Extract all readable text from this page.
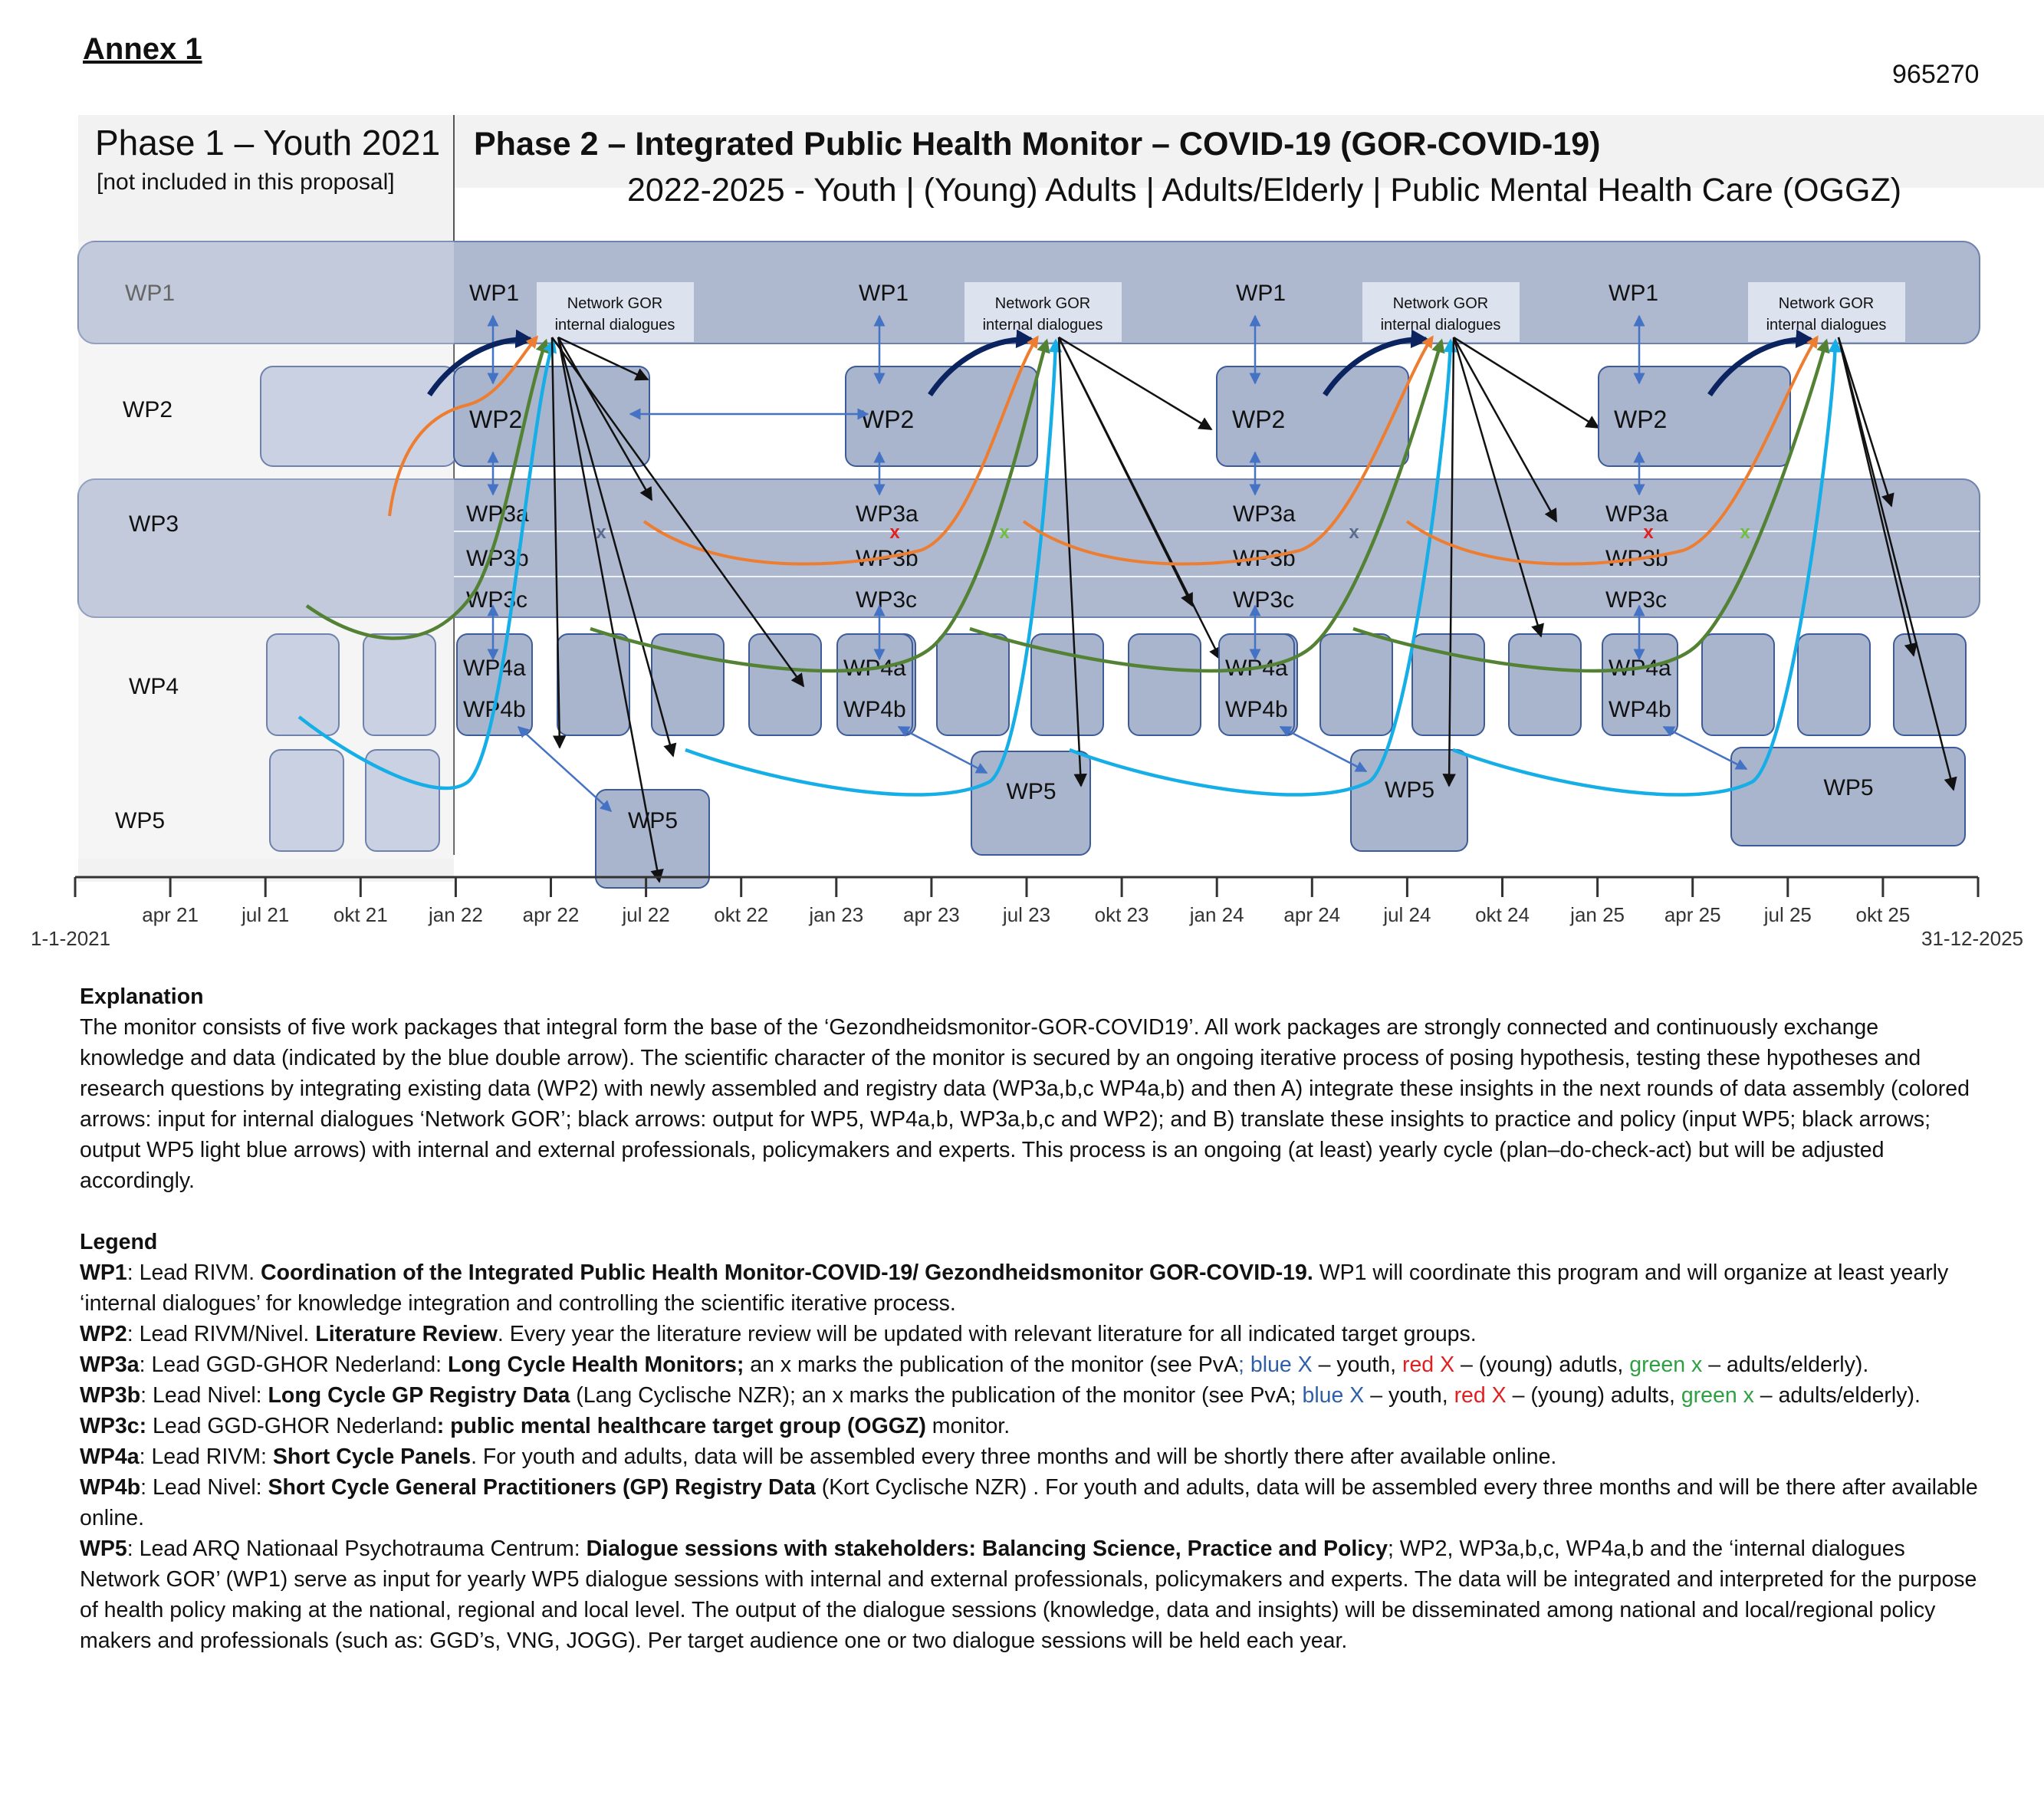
Annex 1
965270
Phase 1 – Youth 2021
[not included in this proposal]
Phase 2 – Integrated Public Health Monitor – COVID-19 (GOR-COVID-19)
2022-2025 - Youth | (Young) Adults | Adults/Elderly | Public Mental Health Care (OGGZ)
WP1
WP2
WP3
WP4
WP5
WP2
WP1	Network GOR
internal dialogues
WP3a
WP3b
WP3c
WP4a
WP4b
WP5
WP2
WP1	Network GOR
internal dialogues
WP3a
WP3b
WP3c
WP4a
WP4b
WP5
WP2
WP1	Network GOR
internal dialogues
WP3a
WP3b
WP3c
WP4a
WP4b
WP5
WP2
WP1	Network GOR
internal dialogues
WP3a
WP3b
WP3c
WP4a
WP4b
WP5
x	x	x	x	x	x
apr 21 jul 21 okt 21 jan 22 apr 22 jul 22 okt 22 jan 23 apr 23 jul 23 okt 23 jan 24 apr 24 jul 24 okt 24 jan 25 apr 25 jul 25 okt 25
1-1-2021	31-12-2025

Explanation

The monitor consists of five work packages that integral form the base of the ‘Gezondheidsmonitor-GOR-COVID19’. All work packages are strongly connected and continuously exchange knowledge and data (indicated by the blue double arrow). The scientific character of the monitor is secured by an ongoing iterative process of posing hypothesis, testing these hypotheses and research questions by integrating existing data (WP2) with newly assembled and registry data (WP3a,b,c WP4a,b) and then A) integrate these insights in the next rounds of data assembly (colored arrows: input for internal dialogues ‘Network GOR’; black arrows: output for WP5, WP4a,b, WP3a,b,c and WP2); and B) translate these insights to practice and policy (input WP5; black arrows; output WP5 light blue arrows) with internal and external professionals, policymakers and experts. This process is an ongoing (at least) yearly cycle (plan–do-check-act) but will be adjusted accordingly.

Legend

WP1: Lead RIVM. Coordination of the Integrated Public Health Monitor-COVID-19/ Gezondheidsmonitor GOR-COVID-19. WP1 will coordinate this program and will organize at least yearly ‘internal dialogues’ for knowledge integration and controlling the scientific iterative process.

WP2: Lead RIVM/Nivel. Literature Review. Every year the literature review will be updated with relevant literature for all indicated target groups.

WP3a: Lead GGD-GHOR Nederland: Long Cycle Health Monitors; an x marks the publication of the monitor (see PvA; blue X – youth, red X – (young) adutls, green x – adults/elderly).

WP3b: Lead Nivel: Long Cycle GP Registry Data (Lang Cyclische NZR); an x marks the publication of the monitor (see PvA; blue X – youth, red X – (young) adults, green x – adults/elderly).

WP3c: Lead GGD-GHOR Nederland: public mental healthcare target group (OGGZ) monitor.

WP4a: Lead RIVM: Short Cycle Panels. For youth and adults, data will be assembled every three months and will be shortly there after available online.

WP4b: Lead Nivel: Short Cycle General Practitioners (GP) Registry Data (Kort Cyclische NZR) . For youth and adults, data will be assembled every three months and will be there after available online.

WP5: Lead ARQ Nationaal Psychotrauma Centrum: Dialogue sessions with stakeholders: Balancing Science, Practice and Policy; WP2, WP3a,b,c, WP4a,b and the ‘internal dialogues Network GOR’ (WP1) serve as input for yearly WP5 dialogue sessions with internal and external professionals, policymakers and experts. The data will be integrated and interpreted for the purpose of health policy making at the national, regional and local level. The output of the dialogue sessions (knowledge, data and insights) will be disseminated among national and local/regional policy makers and professionals (such as: GGD’s, VNG, JOGG). Per target audience one or two dialogue sessions will be held each year.
